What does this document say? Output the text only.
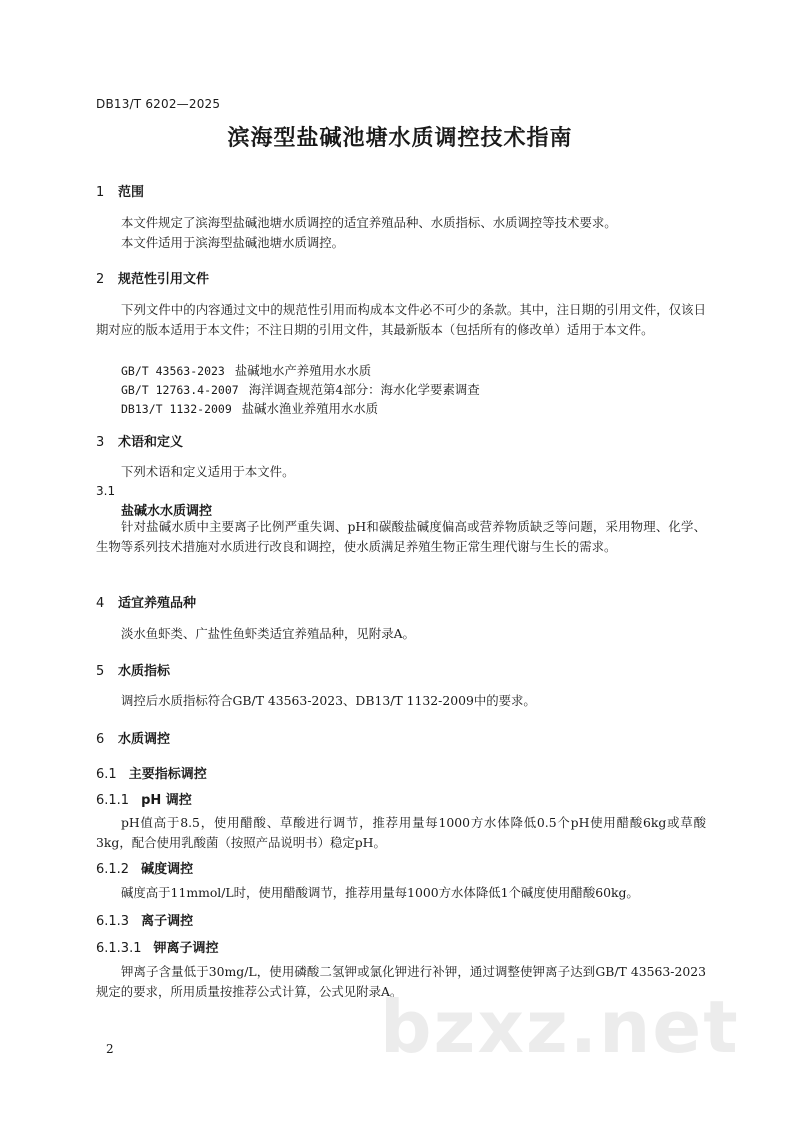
DB13/T 6202—2025
滨海型盐碱池塘水质调控技术指南
1 范围

本文件规定了滨海型盐碱池塘水质调控的适宜养殖品种、水质指标、水质调控等技术要求。

本文件适用于滨海型盐碱池塘水质调控。

2 规范性引用文件

下列文件中的内容通过文中的规范性引用而构成本文件必不可少的条款。其中，注日期的引用文件，仅该日期对应的版本适用于本文件；不注日期的引用文件，其最新版本（包括所有的修改单）适用于本文件。

GB/T 43563-2023 盐碱地水产养殖用水水质
GB/T 12763.4-2007 海洋调查规范第4部分：海水化学要素调查
DB13/T 1132-2009 盐碱水渔业养殖用水水质
3 术语和定义

下列术语和定义适用于本文件。

3.1
盐碱水水质调控

针对盐碱水质中主要离子比例严重失调、pH和碳酸盐碱度偏高或营养物质缺乏等问题，采用物理、化学、生物等系列技术措施对水质进行改良和调控，使水质满足养殖生物正常生理代谢与生长的需求。

4 适宜养殖品种

淡水鱼虾类、广盐性鱼虾类适宜养殖品种，见附录A。

5 水质指标

调控后水质指标符合GB/T 43563-2023、DB13/T 1132-2009中的要求。

6 水质调控
6.1 主要指标调控
6.1.1 pH 调控

pH值高于8.5，使用醋酸、草酸进行调节，推荐用量每1000方水体降低0.5个pH使用醋酸6kg或草酸3kg，配合使用乳酸菌（按照产品说明书）稳定pH。

6.1.2 碱度调控

碱度高于11mmol/L时，使用醋酸调节，推荐用量每1000方水体降低1个碱度使用醋酸60kg。

6.1.3 离子调控
6.1.3.1 钾离子调控

钾离子含量低于30mg/L，使用磷酸二氢钾或氯化钾进行补钾，通过调整使钾离子达到GB/T 43563-2023规定的要求，所用质量按推荐公式计算，公式见附录A。

bzxz.net
2
